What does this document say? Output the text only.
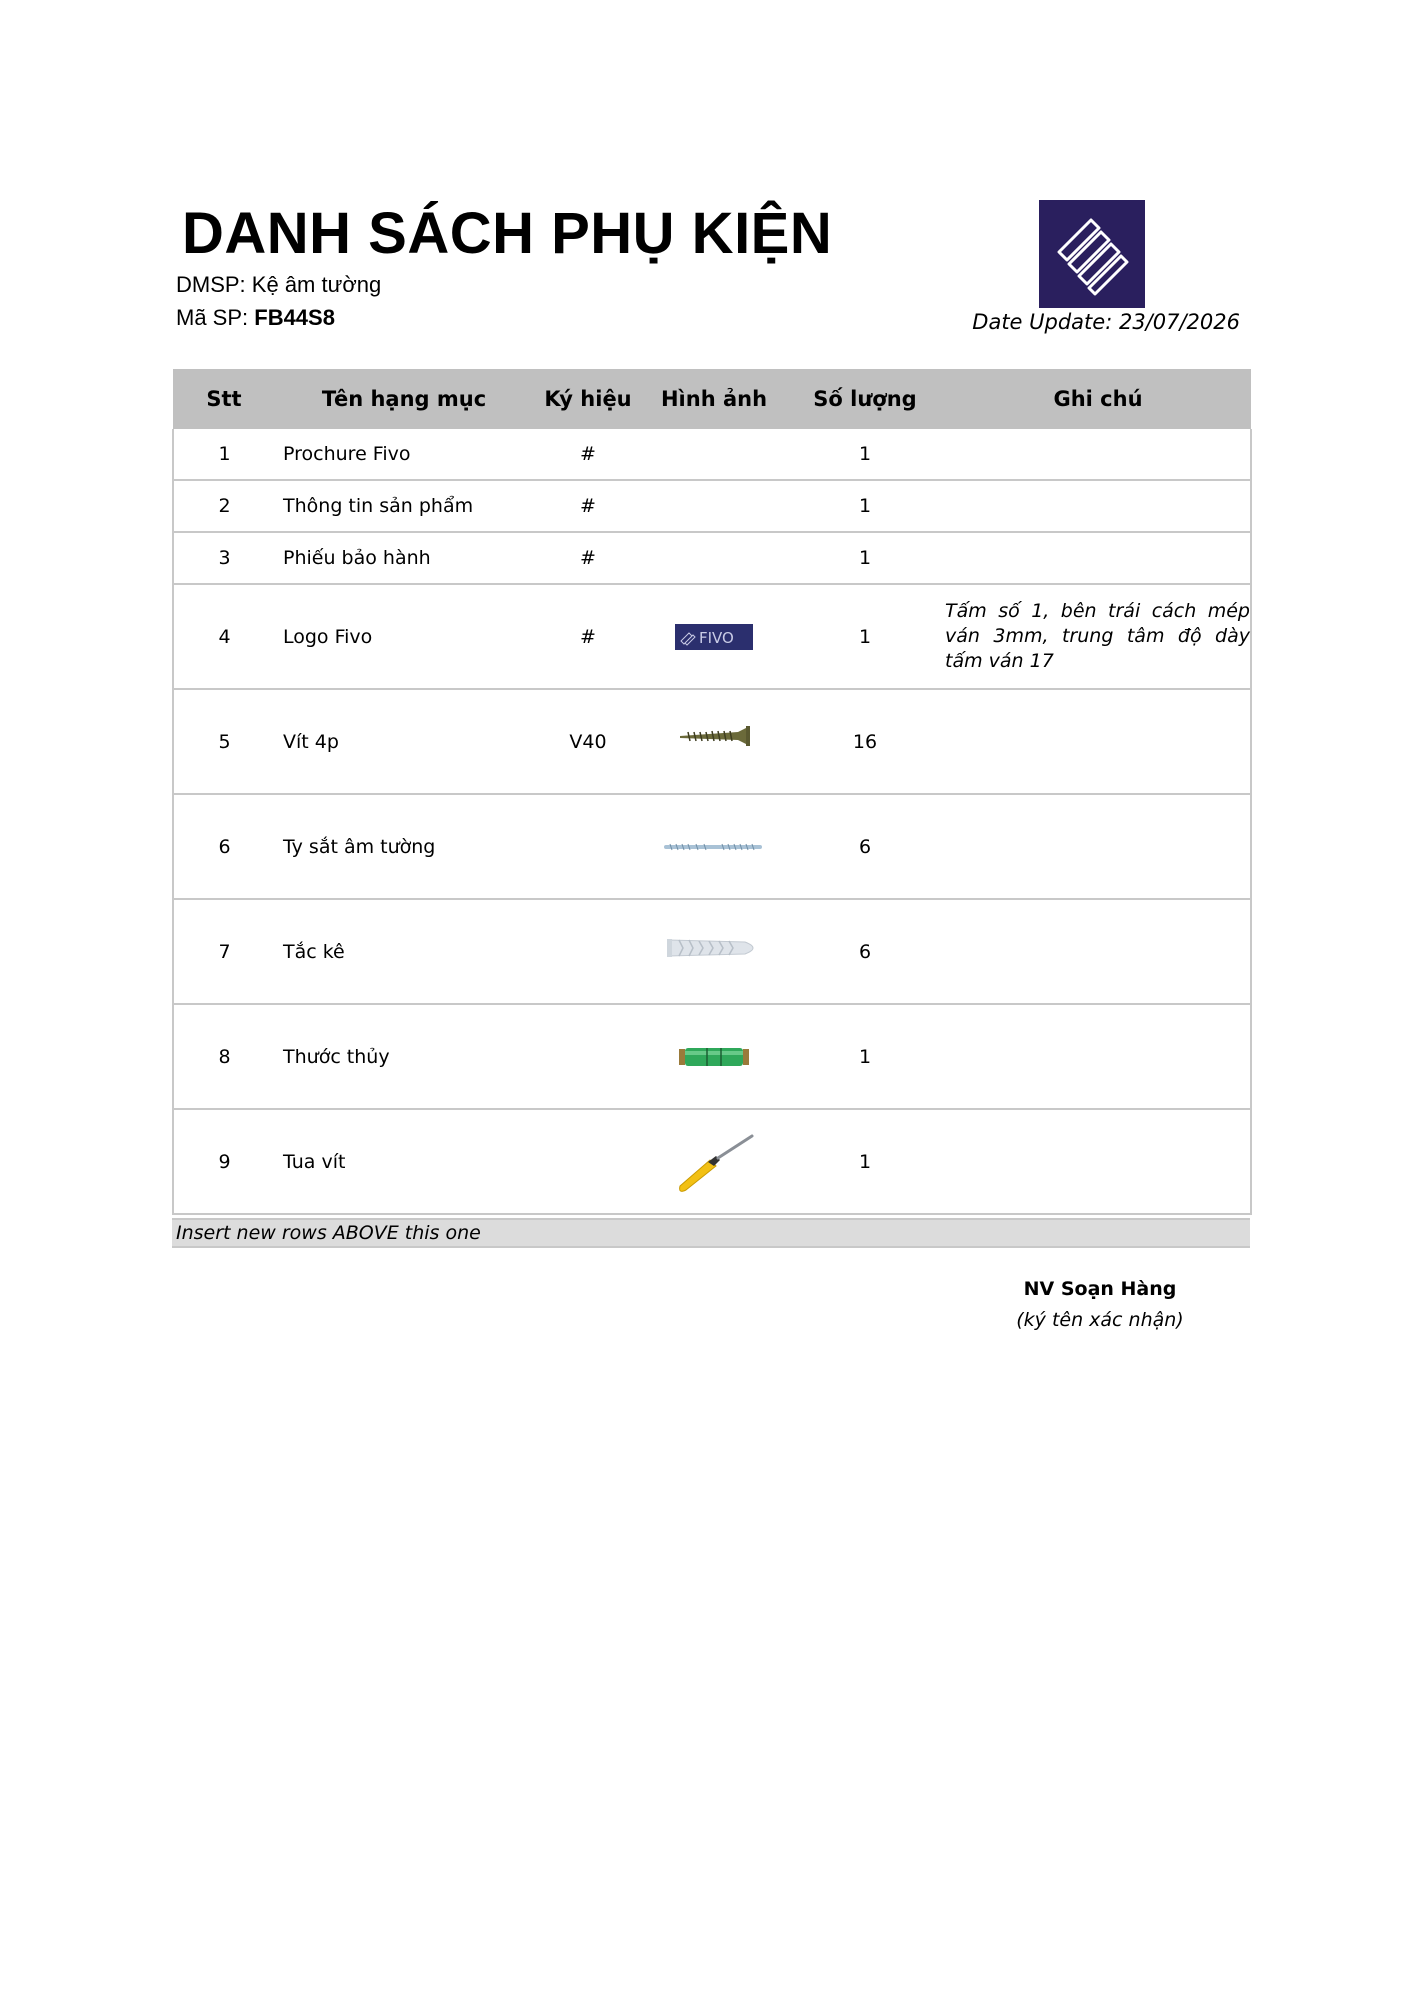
DANH SÁCH PHỤ KIỆN
DMSP: Kệ âm tường
Mã SP: FB44S8	Date Update: 23/07/2026
Stt	Tên hạng mục	Ký hiệu	Hình ảnh	Số lượng	Ghi chú
1	Prochure Fivo	#		1	
2	Thông tin sản phẩm	#		1	
3	Phiếu bảo hành	#		1	
4	Logo Fivo	#	FIVO	1	Tấm số 1, bên trái cách mép ván 3mm, trung tâm độ dày tấm ván 17
5	Vít 4p	V40		16	
6	Ty sắt âm tường			6	
7	Tắc kê			6	
8	Thước thủy			1	
9	Tua vít			1	
Insert new rows ABOVE this one
NV Soạn Hàng
(ký tên xác nhận)
